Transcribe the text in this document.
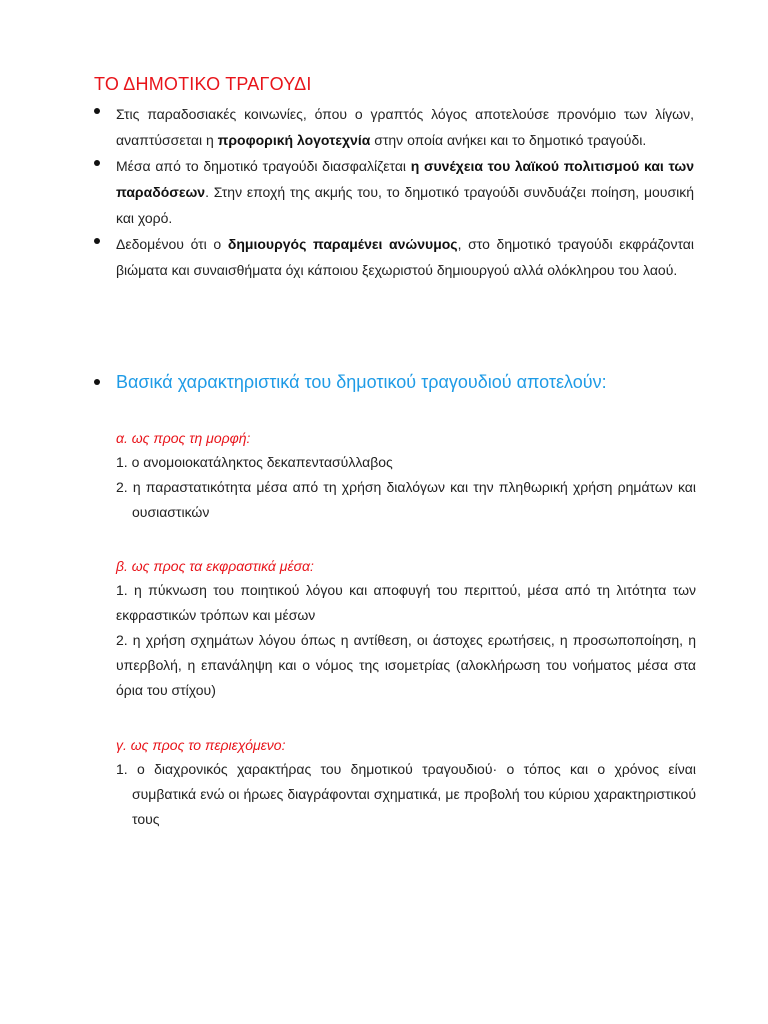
ΤΟ ΔΗΜΟΤΙΚΟ ΤΡΑΓΟΥΔΙ
Στις παραδοσιακές κοινωνίες, όπου ο γραπτός λόγος αποτελούσε προνόμιο των λίγων, αναπτύσσεται η προφορική λογοτεχνία στην οποία ανήκει και το δημοτικό τραγούδι.
Μέσα από το δημοτικό τραγούδι διασφαλίζεται η συνέχεια του λαϊκού πολιτισμού και των παραδόσεων. Στην εποχή της ακμής του, το δημοτικό τραγούδι συνδυάζει ποίηση, μουσική και χορό.
Δεδομένου ότι ο δημιουργός παραμένει ανώνυμος, στο δημοτικό τραγούδι εκφράζονται βιώματα και συναισθήματα όχι κάποιου ξεχωριστού δημιουργού αλλά ολόκληρου του λαού.
Βασικά χαρακτηριστικά του δημοτικού τραγουδιού αποτελούν:
α. ως προς τη μορφή:
1. ο ανομοιοκατάληκτος δεκαπεντασύλλαβος
2. η παραστατικότητα μέσα από τη χρήση διαλόγων και την πληθωρική χρήση ρημάτων και ουσιαστικών
β. ως προς τα εκφραστικά μέσα:
1. η πύκνωση του ποιητικού λόγου και αποφυγή του περιττού, μέσα από τη λιτότητα των εκφραστικών τρόπων και μέσων
2. η χρήση σχημάτων λόγου όπως η αντίθεση, οι άστοχες ερωτήσεις, η προσωποποίηση, η υπερβολή, η επανάληψη και ο νόμος της ισομετρίας (αλοκλήρωση του νοήματος μέσα στα όρια του στίχου)
γ. ως προς το περιεχόμενο:
1. ο διαχρονικός χαρακτήρας του δημοτικού τραγουδιού· ο τόπος και ο χρόνος είναι συμβατικά ενώ οι ήρωες διαγράφονται σχηματικά, με προβολή του κύριου χαρακτηριστικού τους
